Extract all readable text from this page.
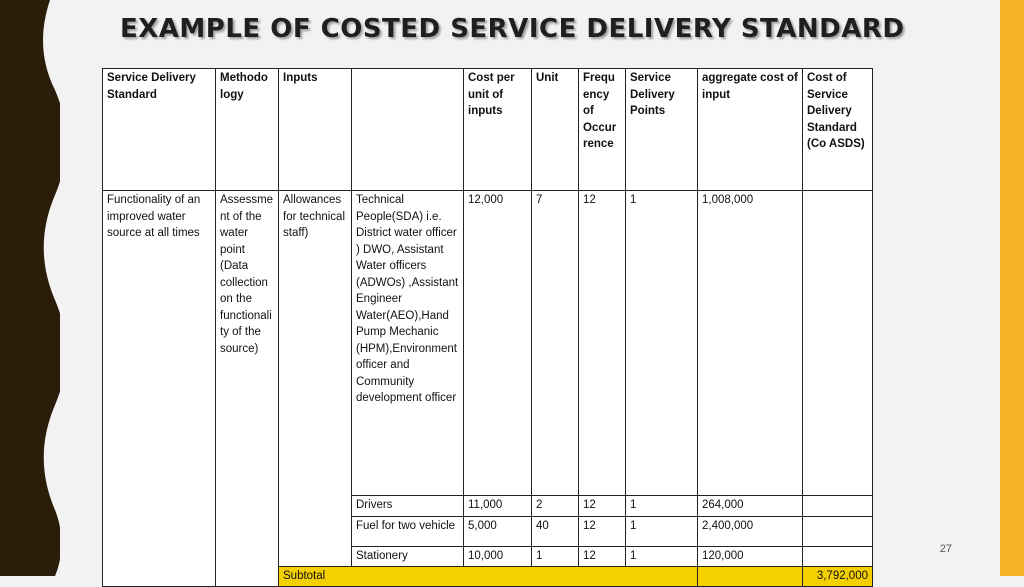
EXAMPLE OF COSTED SERVICE DELIVERY STANDARD
Service Delivery Standard	Methodo logy	Inputs		Cost per unit of inputs	Unit	Frequ ency of Occur rence	Service Delivery Points	aggregate cost of input	Cost of Service Delivery Standard (Co ASDS)
Functionality of an improved water source at all times	Assessme nt of the water point (Data collection on the functionali ty of the source)	Allowances for technical staff)	Technical People(SDA) i.e. District water officer ) DWO, Assistant Water officers (ADWOs) ,Assistant Engineer Water(AEO),Hand Pump Mechanic (HPM),Environment officer and Community development officer	12,000	7	12	1	1,008,000	
			Drivers	11,000	2	12	1	264,000	
			Fuel for two vehicle	5,000	40	12	1	2,400,000	
			Stationery	10,000	1	12	1	120,000	
		Subtotal							3,792,000
27
